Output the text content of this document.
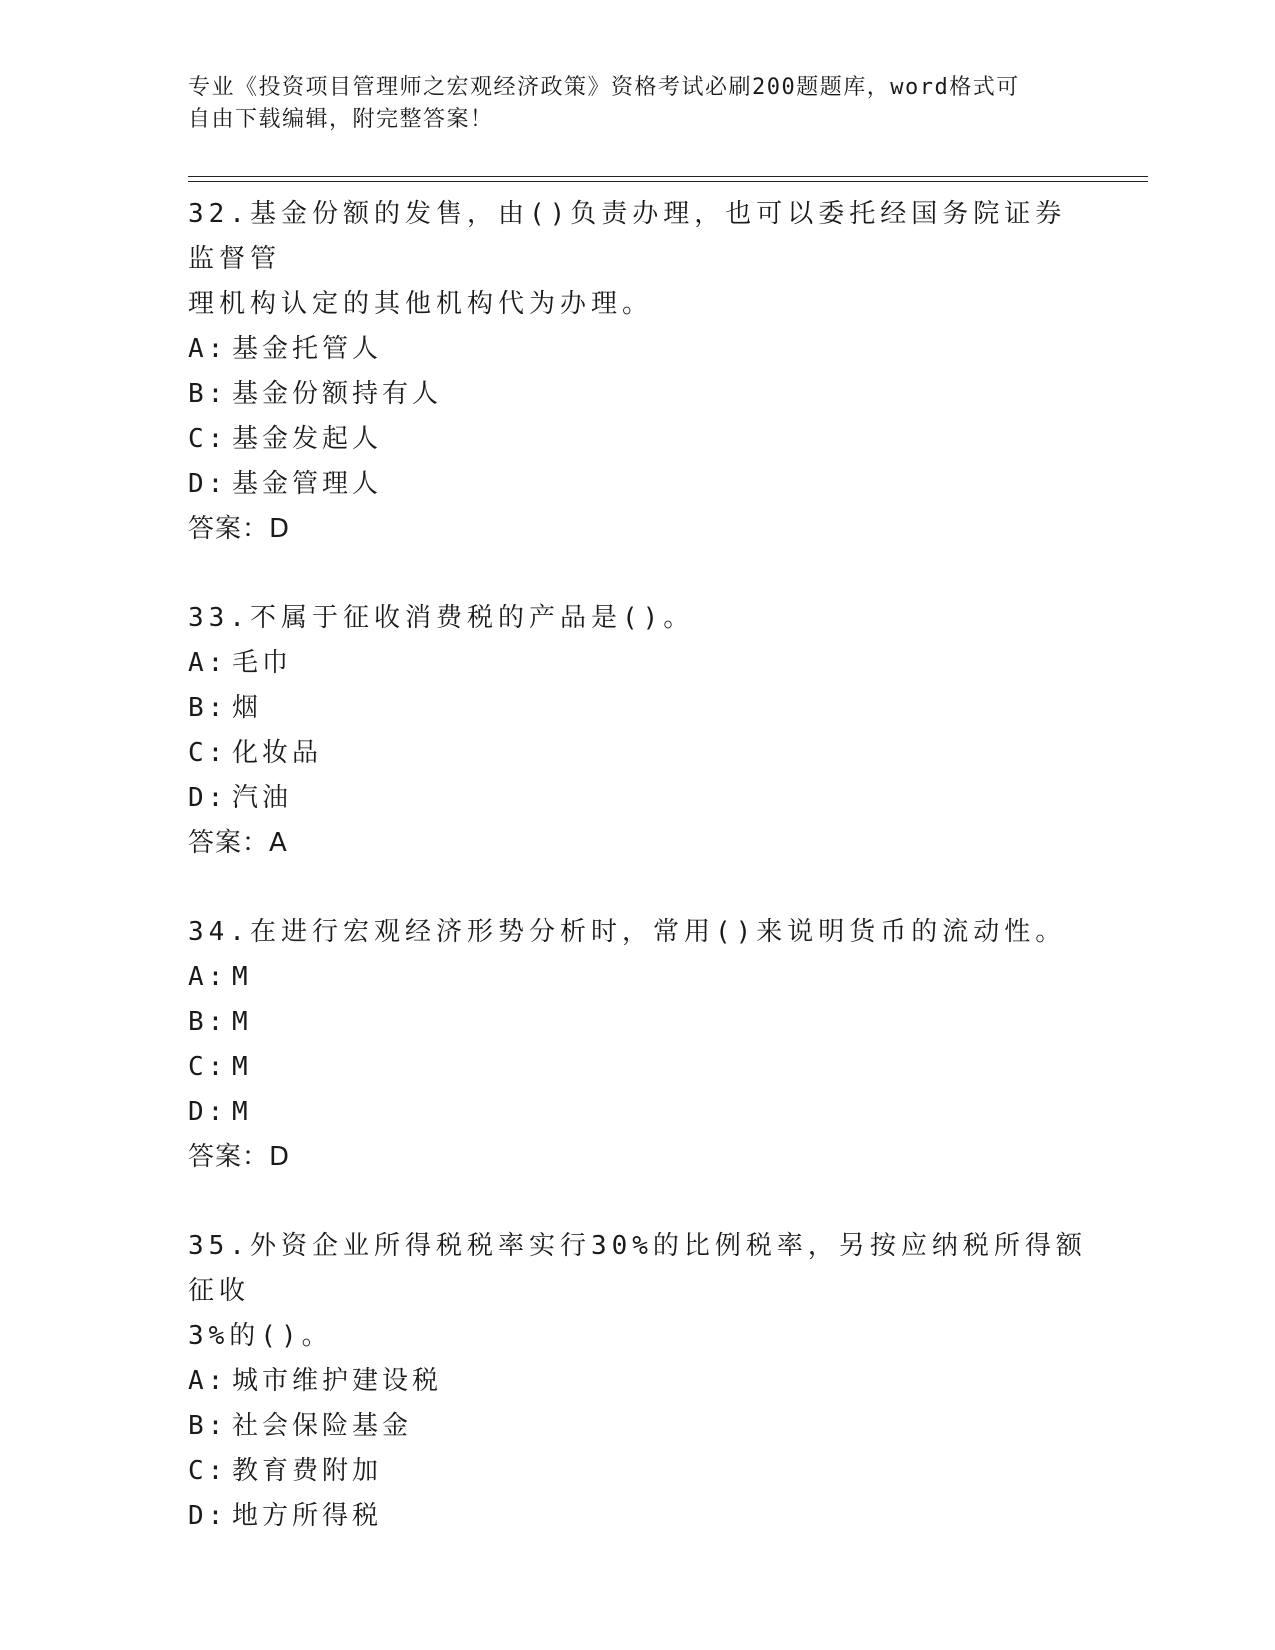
专业《投资项目管理师之宏观经济政策》资格考试必刷200题题库，word格式可
自由下载编辑，附完整答案！

32.基金份额的发售，由()负责办理，也可以委托经国务院证券监督管
理机构认定的其他机构代为办理。

A: 基金托管人
B: 基金份额持有人
C: 基金发起人
D: 基金管理人
答案：D

33.不属于征收消费税的产品是()。

A: 毛巾
B: 烟
C: 化妆品
D: 汽油
答案：A

34.在进行宏观经济形势分析时，常用()来说明货币的流动性。

A: M
B: M
C: M
D: M
答案：D

35.外资企业所得税税率实行30%的比例税率，另按应纳税所得额征收
3%的()。

A: 城市维护建设税
B: 社会保险基金
C: 教育费附加
D: 地方所得税
